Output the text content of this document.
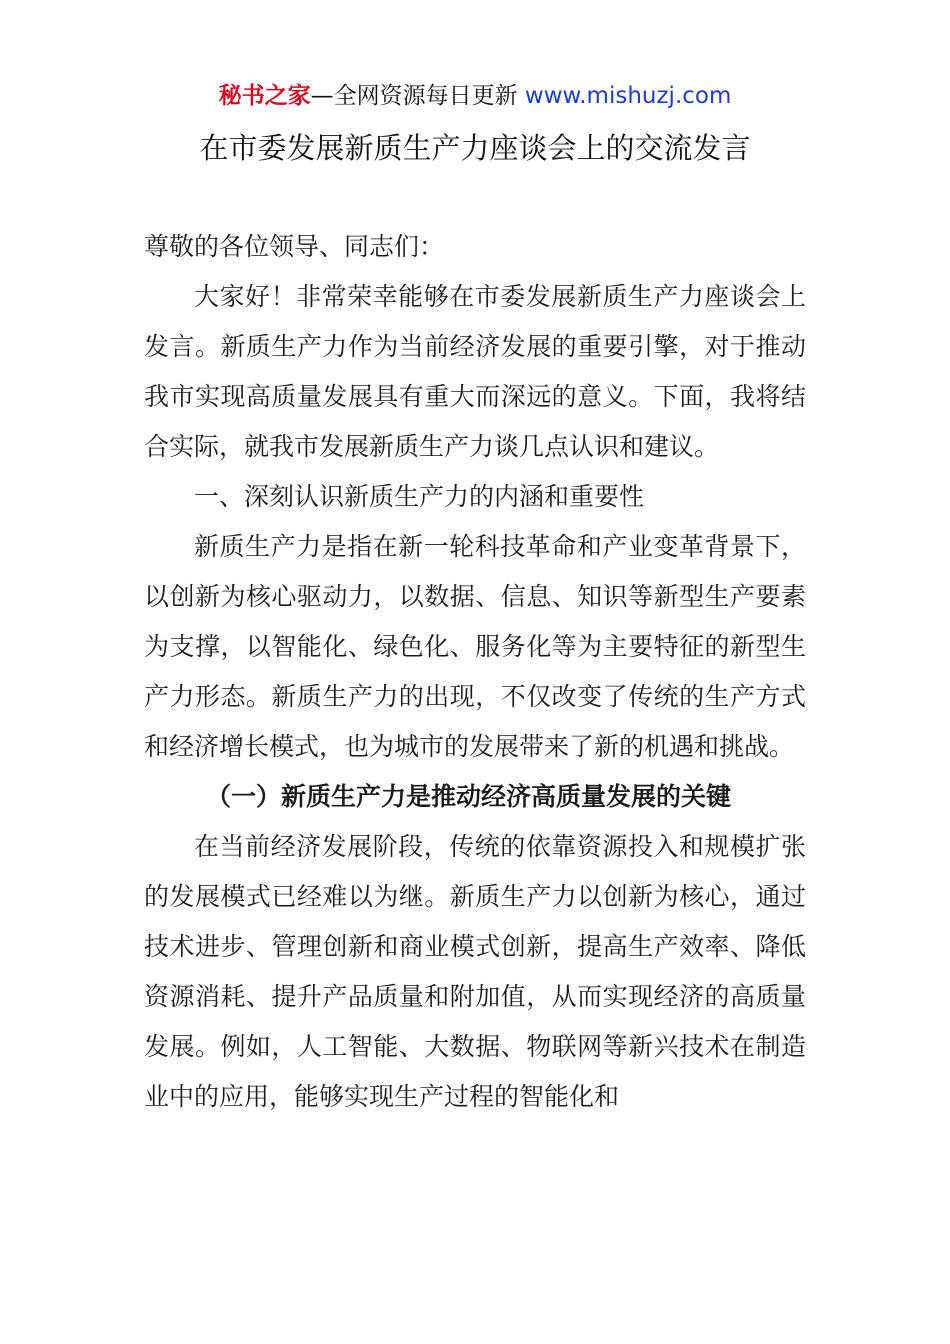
秘书之家—全网资源每日更新 www.mishuzj.com
在市委发展新质生产力座谈会上的交流发言

尊敬的各位领导、同志们：

大家好！非常荣幸能够在市委发展新质生产力座谈会上发言。新质生产力作为当前经济发展的重要引擎，对于推动我市实现高质量发展具有重大而深远的意义。下面，我将结合实际，就我市发展新质生产力谈几点认识和建议。

一、深刻认识新质生产力的内涵和重要性

新质生产力是指在新一轮科技革命和产业变革背景下，以创新为核心驱动力，以数据、信息、知识等新型生产要素为支撑，以智能化、绿色化、服务化等为主要特征的新型生产力形态。新质生产力的出现，不仅改变了传统的生产方式和经济增长模式，也为城市的发展带来了新的机遇和挑战。

（一）新质生产力是推动经济高质量发展的关键

在当前经济发展阶段，传统的依靠资源投入和规模扩张的发展模式已经难以为继。新质生产力以创新为核心，通过技术进步、管理创新和商业模式创新，提高生产效率、降低资源消耗、提升产品质量和附加值，从而实现经济的高质量发展。例如，人工智能、大数据、物联网等新兴技术在制造业中的应用，能够实现生产过程的智能化和
